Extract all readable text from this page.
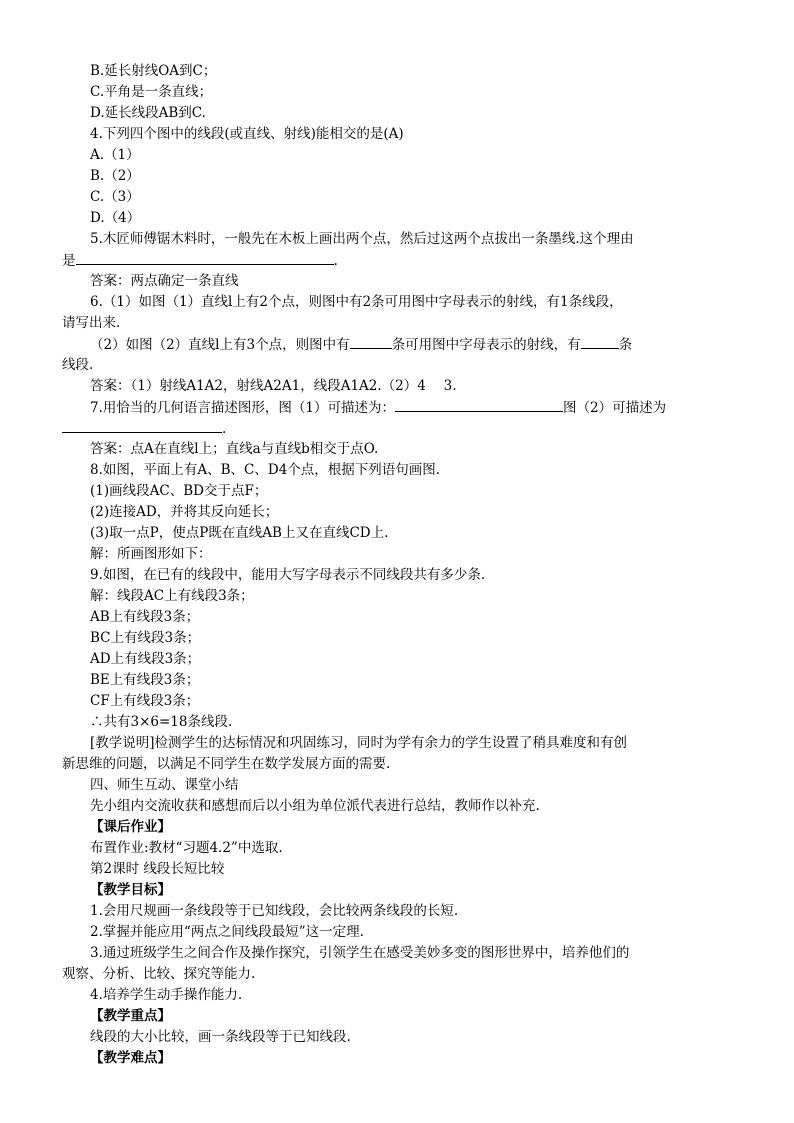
B.延长射线OA到C；
C.平角是一条直线；
D.延长线段AB到C.
4.下列四个图中的线段(或直线、射线)能相交的是(A)
A.（1）
B.（2）
C.（3）
D.（4）
5.木匠师傅锯木料时，一般先在木板上画出两个点，然后过这两个点拔出一条墨线.这个理由
是	.
答案：两点确定一条直线
6.（1）如图（1）直线l上有2个点，则图中有2条可用图中字母表示的射线，有1条线段，
请写出来.
（2）如图（2）直线l上有3个点，则图中有	条可用图中字母表示的射线，有	条
线段.
答案：（1）射线A1A2，射线A2A1，线段A1A2.（2）4　 3.
7.用恰当的几何语言描述图形，图（1）可描述为：	图（2）可描述为
.
答案：点A在直线l上；直线a与直线b相交于点O.
8.如图，平面上有A、B、C、D4个点，根据下列语句画图.
(1)画线段AC、BD交于点F；
(2)连接AD，并将其反向延长；
(3)取一点P，使点P既在直线AB上又在直线CD上.
解：所画图形如下：
9.如图，在已有的线段中，能用大写字母表示不同线段共有多少条.
解：线段AC上有线段3条；
AB上有线段3条；
BC上有线段3条；
AD上有线段3条；
BE上有线段3条；
CF上有线段3条；
∴共有3×6=18条线段.
[教学说明]检测学生的达标情况和巩固练习，同时为学有余力的学生设置了稍具难度和有创
新思维的问题，以满足不同学生在数学发展方面的需要.
四、师生互动、课堂小结
先小组内交流收获和感想而后以小组为单位派代表进行总结，教师作以补充.
【课后作业】
布置作业:教材“习题4.2”中选取.
第2课时 线段长短比较
【教学目标】
1.会用尺规画一条线段等于已知线段，会比较两条线段的长短.
2.掌握并能应用“两点之间线段最短”这一定理.
3.通过班级学生之间合作及操作探究，引领学生在感受美妙多变的图形世界中，培养他们的
观察、分析、比较、探究等能力.
4.培养学生动手操作能力.
【教学重点】
线段的大小比较，画一条线段等于已知线段.
【教学难点】
